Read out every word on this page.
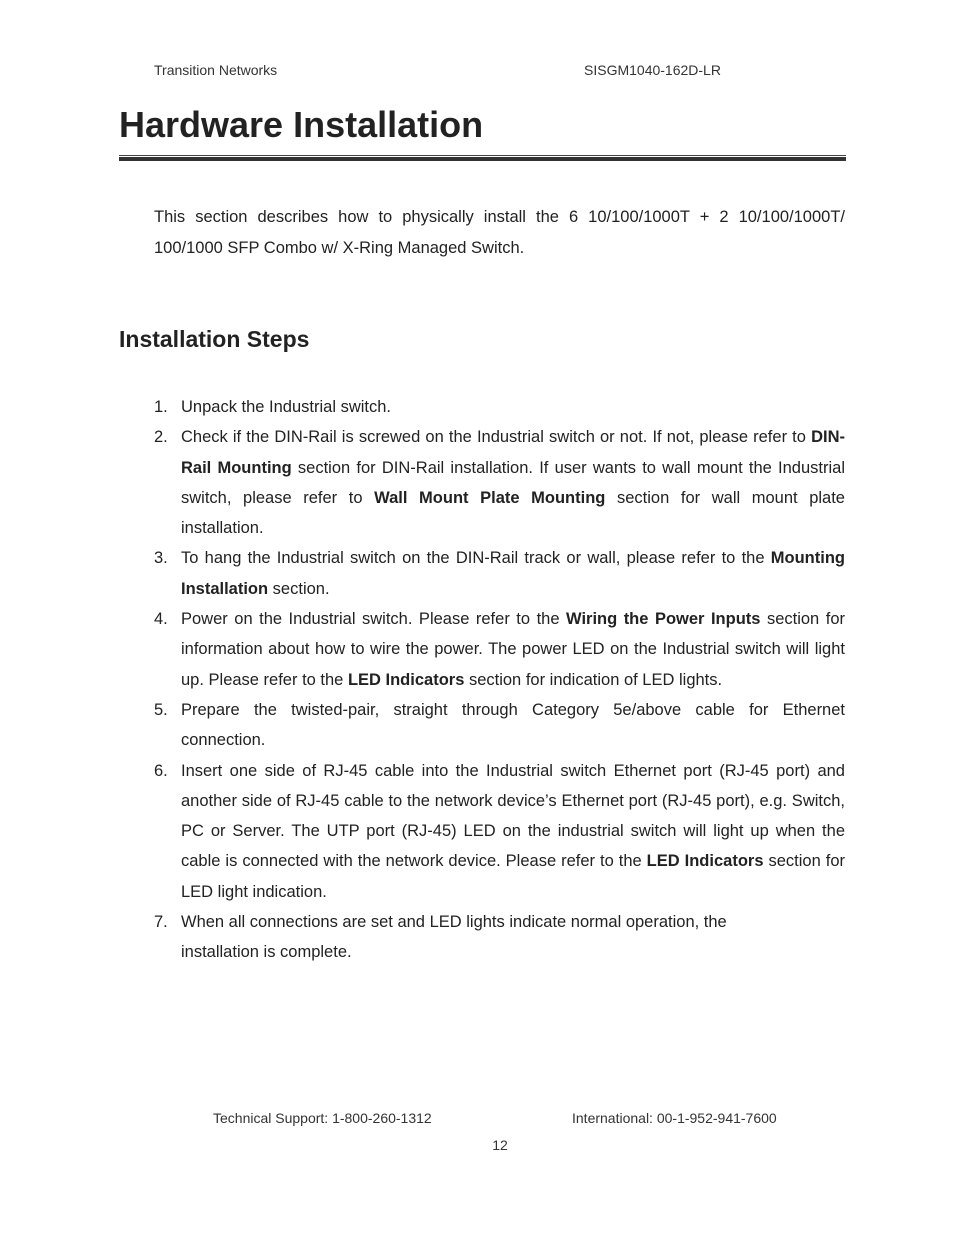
Transition Networks	SISGM1040-162D-LR
Hardware Installation

This section describes how to physically install the 6 10/100/1000T + 2 10/100/1000T/ 100/1000 SFP Combo w/ X-Ring Managed Switch.

Installation Steps
1. Unpack the Industrial switch.
2. Check if the DIN-Rail is screwed on the Industrial switch or not. If not, please refer to DIN-Rail Mounting section for DIN-Rail installation. If user wants to wall mount the Industrial switch, please refer to Wall Mount Plate Mounting section for wall mount plate installation.
3. To hang the Industrial switch on the DIN-Rail track or wall, please refer to the Mounting Installation section.
4. Power on the Industrial switch. Please refer to the Wiring the Power Inputs section for information about how to wire the power. The power LED on the Industrial switch will light up. Please refer to the LED Indicators section for indication of LED lights.
5. Prepare the twisted-pair, straight through Category 5e/above cable for Ethernet connection.
6. Insert one side of RJ-45 cable into the Industrial switch Ethernet port (RJ-45 port) and another side of RJ-45 cable to the network device’s Ethernet port (RJ-45 port), e.g. Switch, PC or Server. The UTP port (RJ-45) LED on the industrial switch will light up when the cable is connected with the network device. Please refer to the LED Indicators section for LED light indication.
7. When all connections are set and LED lights indicate normal operation, the
installation is complete.
Technical Support: 1-800-260-1312	International: 00-1-952-941-7600
12
